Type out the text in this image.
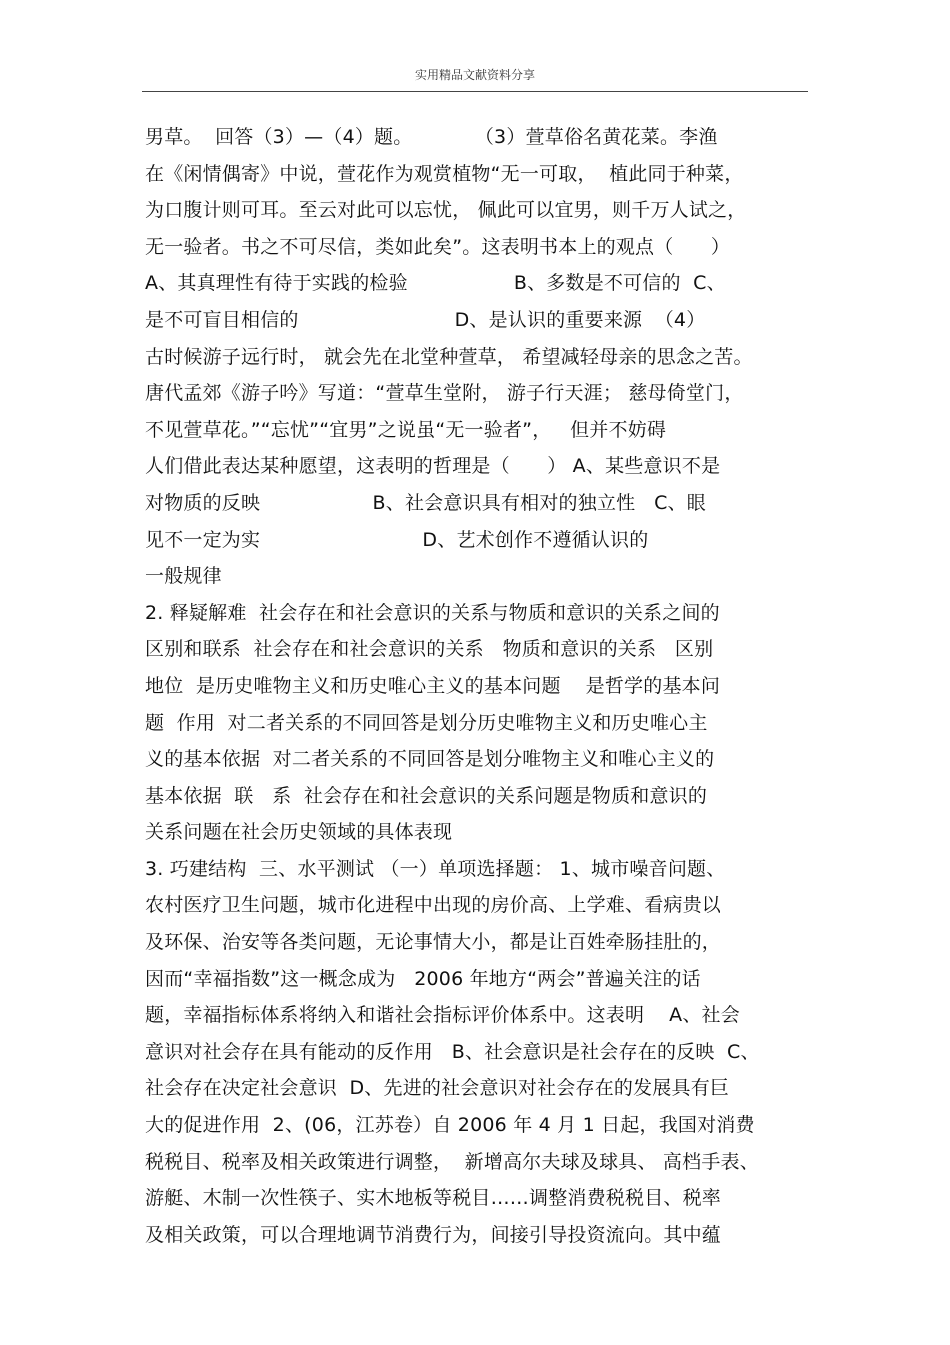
实用精品文献资料分享
男草。  回答（3）—（4）题。          （3）萱草俗名黄花菜。李渔
在《闲情偶寄》中说，萱花作为观赏植物“无一可取，  植此同于种菜，
为口腹计则可耳。至云对此可以忘忧， 佩此可以宜男，则千万人试之，
无一验者。书之不可尽信，类如此矣”。这表明书本上的观点（      ）
A、其真理性有待于实践的检验                 B、多数是不可信的  C、
是不可盲目相信的                         D、是认识的重要来源  （4）
古时候游子远行时， 就会先在北堂种萱草， 希望减轻母亲的思念之苦。
唐代孟郊《游子吟》写道：“萱草生堂附， 游子行天涯； 慈母倚堂门，
不见萱草花。”“忘忧”“宜男”之说虽“无一验者”，   但并不妨碍
人们借此表达某种愿望，这表明的哲理是（      ） A、某些意识不是
对物质的反映                  B、社会意识具有相对的独立性   C、眼
见不一定为实                          D、艺术创作不遵循认识的
一般规律
2. 释疑解难  社会存在和社会意识的关系与物质和意识的关系之间的
区别和联系  社会存在和社会意识的关系   物质和意识的关系   区别
地位  是历史唯物主义和历史唯心主义的基本问题    是哲学的基本问
题  作用  对二者关系的不同回答是划分历史唯物主义和历史唯心主
义的基本依据  对二者关系的不同回答是划分唯物主义和唯心主义的
基本依据  联   系  社会存在和社会意识的关系问题是物质和意识的
关系问题在社会历史领域的具体表现
3. 巧建结构  三、水平测试 （一）单项选择题： 1、城市噪音问题、
农村医疗卫生问题，城市化进程中出现的房价高、上学难、看病贵以
及环保、治安等各类问题，无论事情大小，都是让百姓牵肠挂肚的，
因而“幸福指数”这一概念成为   2006 年地方“两会”普遍关注的话
题，幸福指标体系将纳入和谐社会指标评价体系中。这表明    A、社会
意识对社会存在具有能动的反作用   B、社会意识是社会存在的反映  C、
社会存在决定社会意识  D、先进的社会意识对社会存在的发展具有巨
大的促进作用  2、(06，江苏卷）自 2006 年 4 月 1 日起，我国对消费
税税目、税率及相关政策进行调整，  新增高尔夫球及球具、 高档手表、
游艇、木制一次性筷子、实木地板等税目……调整消费税税目、税率
及相关政策，可以合理地调节消费行为，间接引导投资流向。其中蕴
